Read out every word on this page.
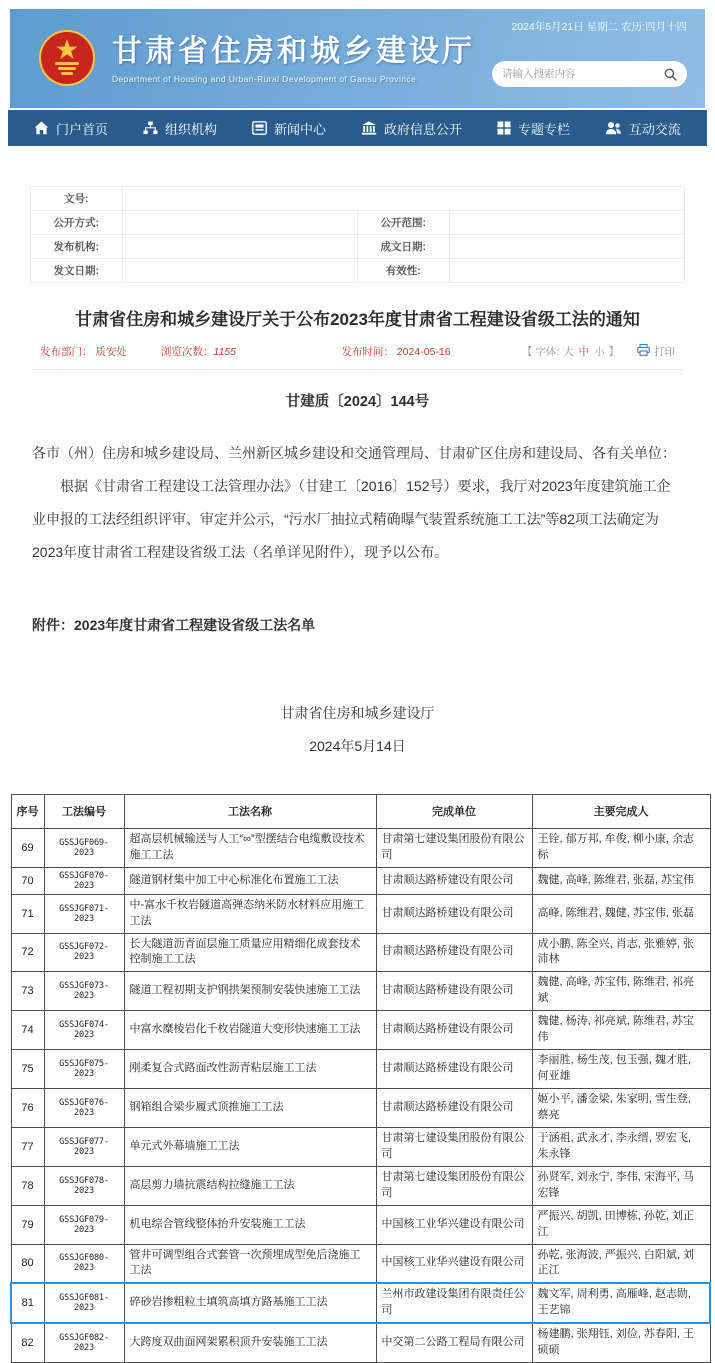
甘肃省住房和城乡建设厅
Department of Housing and Urban-Rural Development of Gansu Province
2024年5月21日 星期二 农历:四月十四
请输入搜索内容
门户首页	组织机构	新闻中心	政府信息公开	专题专栏	互动交流
文号:			
公开方式:		公开范围:	
发布机构:		成文日期:	
发文日期:		有效性:	
甘肃省住房和城乡建设厅关于公布2023年度甘肃省工程建设省级工法的通知
发布部门： 质安处	浏览次数：1155	发布时间： 2024-05-16	【 字体: 大 中 小 】	打印
甘建质〔2024〕144号
各市（州）住房和城乡建设局、兰州新区城乡建设和交通管理局、甘肃矿区住房和建设局、各有关单位：
根据《甘肃省工程建设工法管理办法》（甘建工〔2016〕152号）要求，我厅对2023年度建筑施工企业申报的工法经组织评审、审定并公示，“污水厂抽拉式精确曝气装置系统施工工法”等82项工法确定为2023年度甘肃省工程建设省级工法（名单详见附件），现予以公布。
附件：2023年度甘肃省工程建设省级工法名单
甘肃省住房和城乡建设厅
2024年5月14日
序号	工法编号	工法名称	完成单位	主要完成人
69	GSSJGF069-2023	超高层机械输送与人工“∞”型摆结合电缆敷设技术施工工法	甘肃第七建设集团股份有限公司	王铨, 郁万邦, 牟俊, 柳小康, 余志标
70	GSSJGF070-2023	隧道钢材集中加工中心标准化布置施工工法	甘肃顺达路桥建设有限公司	魏健, 高峰, 陈维君, 张磊, 苏宝伟
71	GSSJGF071-2023	中-富水千枚岩隧道高弹态纳米防水材料应用施工工法	甘肃顺达路桥建设有限公司	高峰, 陈维君, 魏健, 苏宝伟, 张磊
72	GSSJGF072-2023	长大隧道沥青面层施工质量应用精细化成套技术控制施工工法	甘肃顺达路桥建设有限公司	成小鹏, 陈全兴, 肖志, 张雅婷, 张沛林
73	GSSJGF073-2023	隧道工程初期支护钢拱架预制安装快速施工工法	甘肃顺达路桥建设有限公司	魏健, 高峰, 苏宝伟, 陈维君, 祁亮斌
74	GSSJGF074-2023	中富水糜棱岩化千枚岩隧道大变形快速施工工法	甘肃顺达路桥建设有限公司	魏健, 杨涛, 祁亮斌, 陈维君, 苏宝伟
75	GSSJGF075-2023	刚柔复合式路面改性沥青粘层施工工法	甘肃顺达路桥建设有限公司	李丽胜, 杨生茂, 包玉强, 魏才胜, 何亚雄
76	GSSJGF076-2023	钢箱组合梁步履式顶推施工工法	甘肃顺达路桥建设有限公司	姬小平, 潘金梁, 朱家明, 雪生登, 蔡亮
77	GSSJGF077-2023	单元式外幕墙施工工法	甘肃第七建设集团股份有限公司	于涵祖, 武永才, 李永缙, 罗宏飞, 朱永锋
78	GSSJGF078-2023	高层剪力墙抗震结构拉缝施工工法	甘肃第七建设集团股份有限公司	孙贤军, 刘永宁, 李伟, 宋海平, 马宏锋
79	GSSJGF079-2023	机电综合管线整体抬升安装施工工法	中国核工业华兴建设有限公司	严振兴, 胡凯, 田博栋, 孙乾, 刘正江
80	GSSJGF080-2023	管井可调型组合式套管一次预埋成型免后浇施工工法	中国核工业华兴建设有限公司	孙乾, 张海波, 严振兴, 白阳斌, 刘正江
81	GSSJGF081-2023	碎砂岩掺粗粒土填筑高填方路基施工工法	兰州市政建设集团有限责任公司	魏文军, 周利勇, 高雁峰, 赵志勋, 王艺锦
82	GSSJGF082-2023	大跨度双曲面网架累积顶升安装施工工法	中交第二公路工程局有限公司	杨建鹏, 张翔钰, 刘俭, 苏春阳, 王硕硕
